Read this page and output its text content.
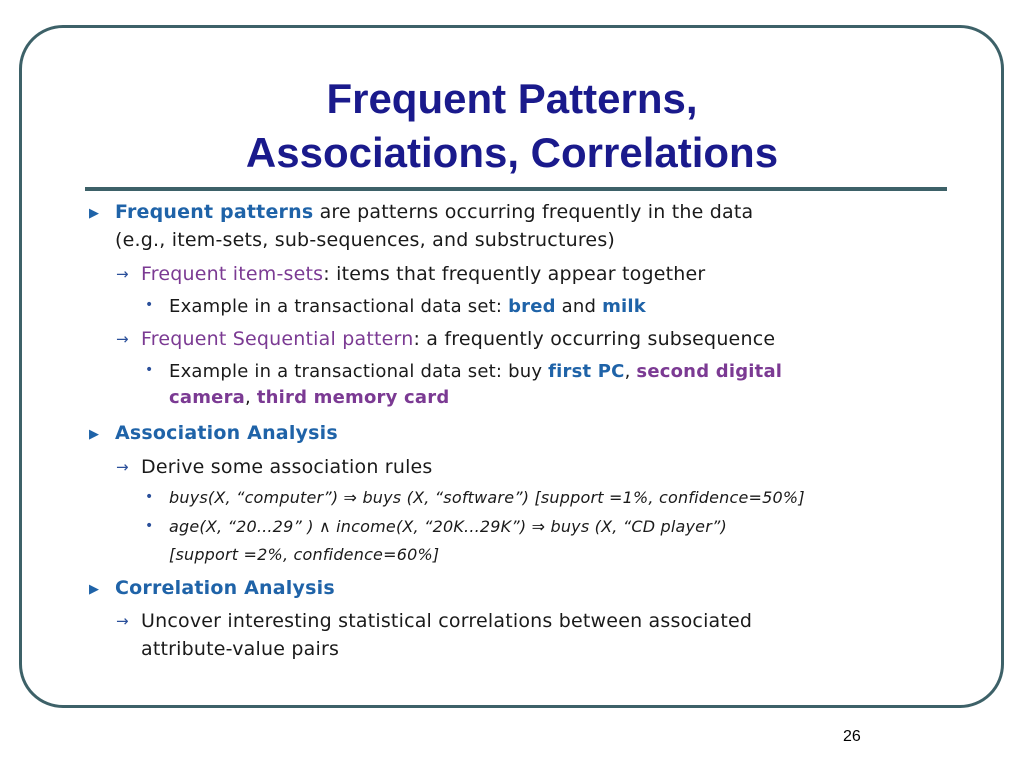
Frequent Patterns,
Associations, Correlations
▶ Frequent patterns are patterns occurring frequently in the data
(e.g., item-sets, sub-sequences, and substructures)
→ Frequent item-sets: items that frequently appear together
• Example in a transactional data set: bred and milk
→ Frequent Sequential pattern: a frequently occurring subsequence
• Example in a transactional data set: buy first PC, second digital
camera, third memory card
▶ Association Analysis
→ Derive some association rules
• buys(X, “computer”) ⇒ buys (X, “software”) [support =1%, confidence=50%]
• age(X, “20...29” ) ∧ income(X, “20K...29K”) ⇒ buys (X, “CD player”)
[support =2%, confidence=60%]
▶ Correlation Analysis
→ Uncover interesting statistical correlations between associated
attribute-value pairs
26
